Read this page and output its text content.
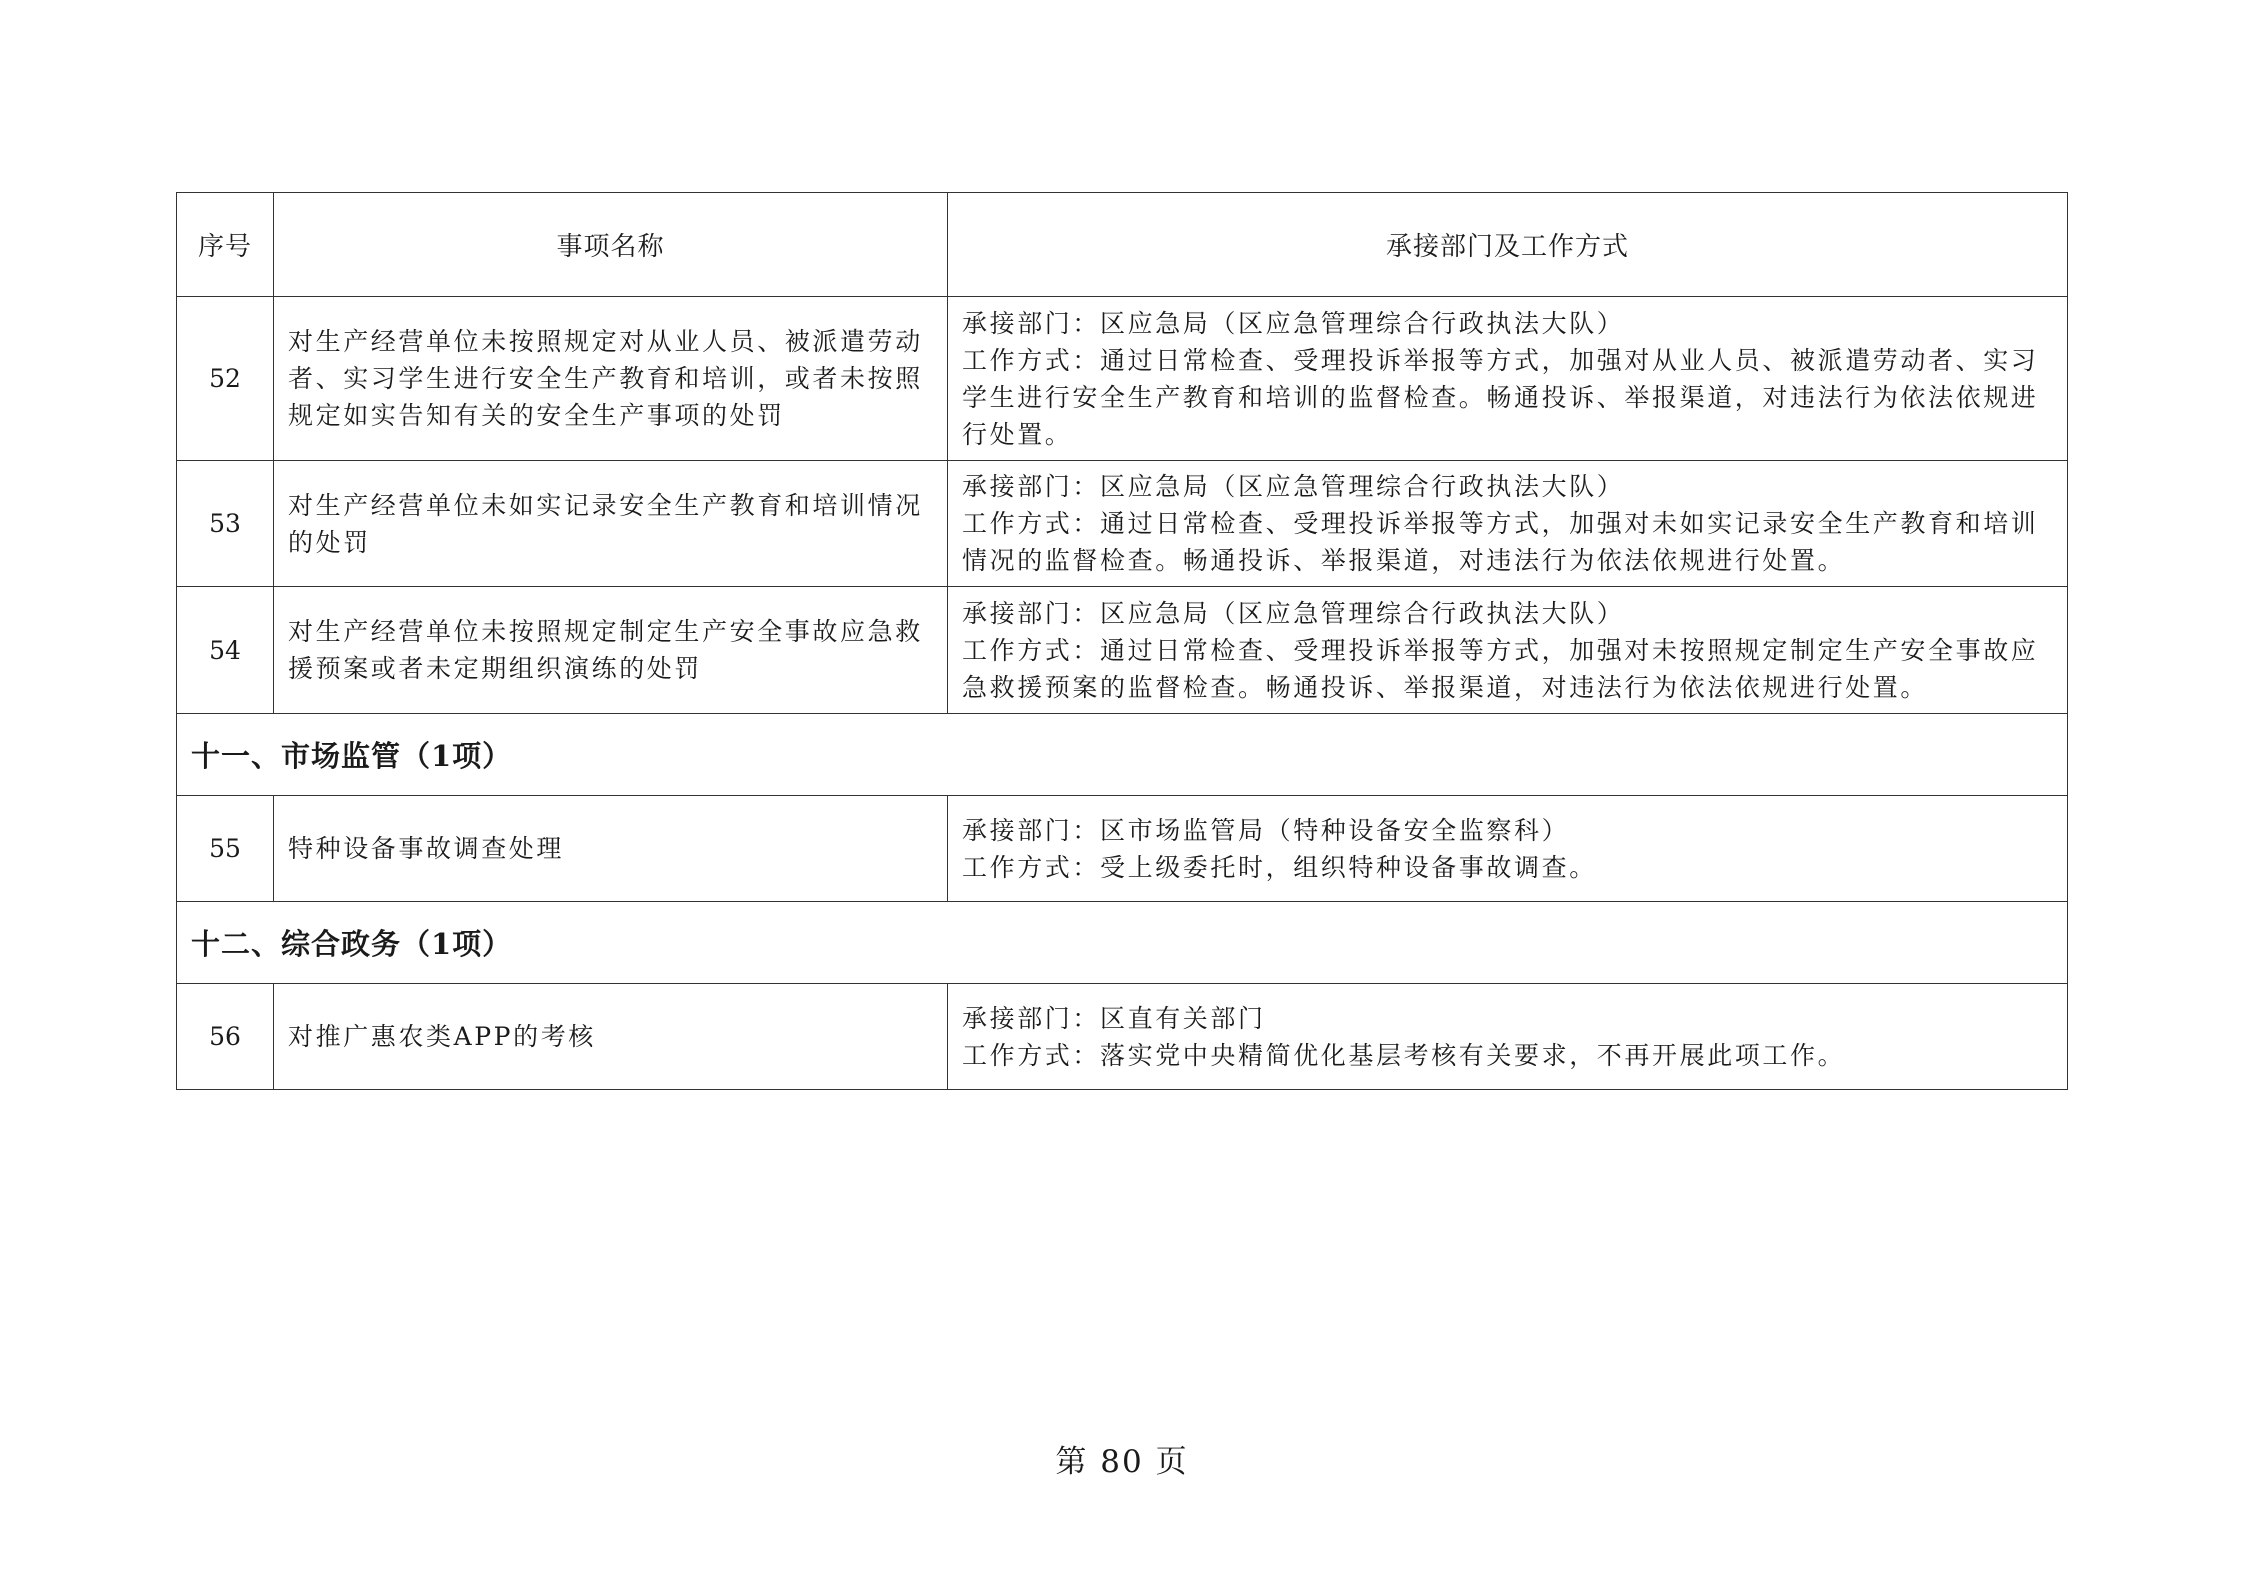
序号	事项名称	承接部门及工作方式
52	对生产经营单位未按照规定对从业人员、被派遣劳动者、实习学生进行安全生产教育和培训，或者未按照规定如实告知有关的安全生产事项的处罚	承接部门：区应急局（区应急管理综合行政执法大队）
工作方式：通过日常检查、受理投诉举报等方式，加强对从业人员、被派遣劳动者、实习学生进行安全生产教育和培训的监督检查。畅通投诉、举报渠道，对违法行为依法依规进行处置。

53	对生产经营单位未如实记录安全生产教育和培训情况的处罚	承接部门：区应急局（区应急管理综合行政执法大队）
工作方式：通过日常检查、受理投诉举报等方式，加强对未如实记录安全生产教育和培训情况的监督检查。畅通投诉、举报渠道，对违法行为依法依规进行处置。

54	对生产经营单位未按照规定制定生产安全事故应急救援预案或者未定期组织演练的处罚	承接部门：区应急局（区应急管理综合行政执法大队）
工作方式：通过日常检查、受理投诉举报等方式，加强对未按照规定制定生产安全事故应急救援预案的监督检查。畅通投诉、举报渠道，对违法行为依法依规进行处置。

十一、市场监管（1项）		
55	特种设备事故调查处理	承接部门：区市场监管局（特种设备安全监察科）
工作方式：受上级委托时，组织特种设备事故调查。

十二、综合政务（1项）		
56	对推广惠农类APP的考核	承接部门：区直有关部门
工作方式：落实党中央精简优化基层考核有关要求，不再开展此项工作。
第 80 页
